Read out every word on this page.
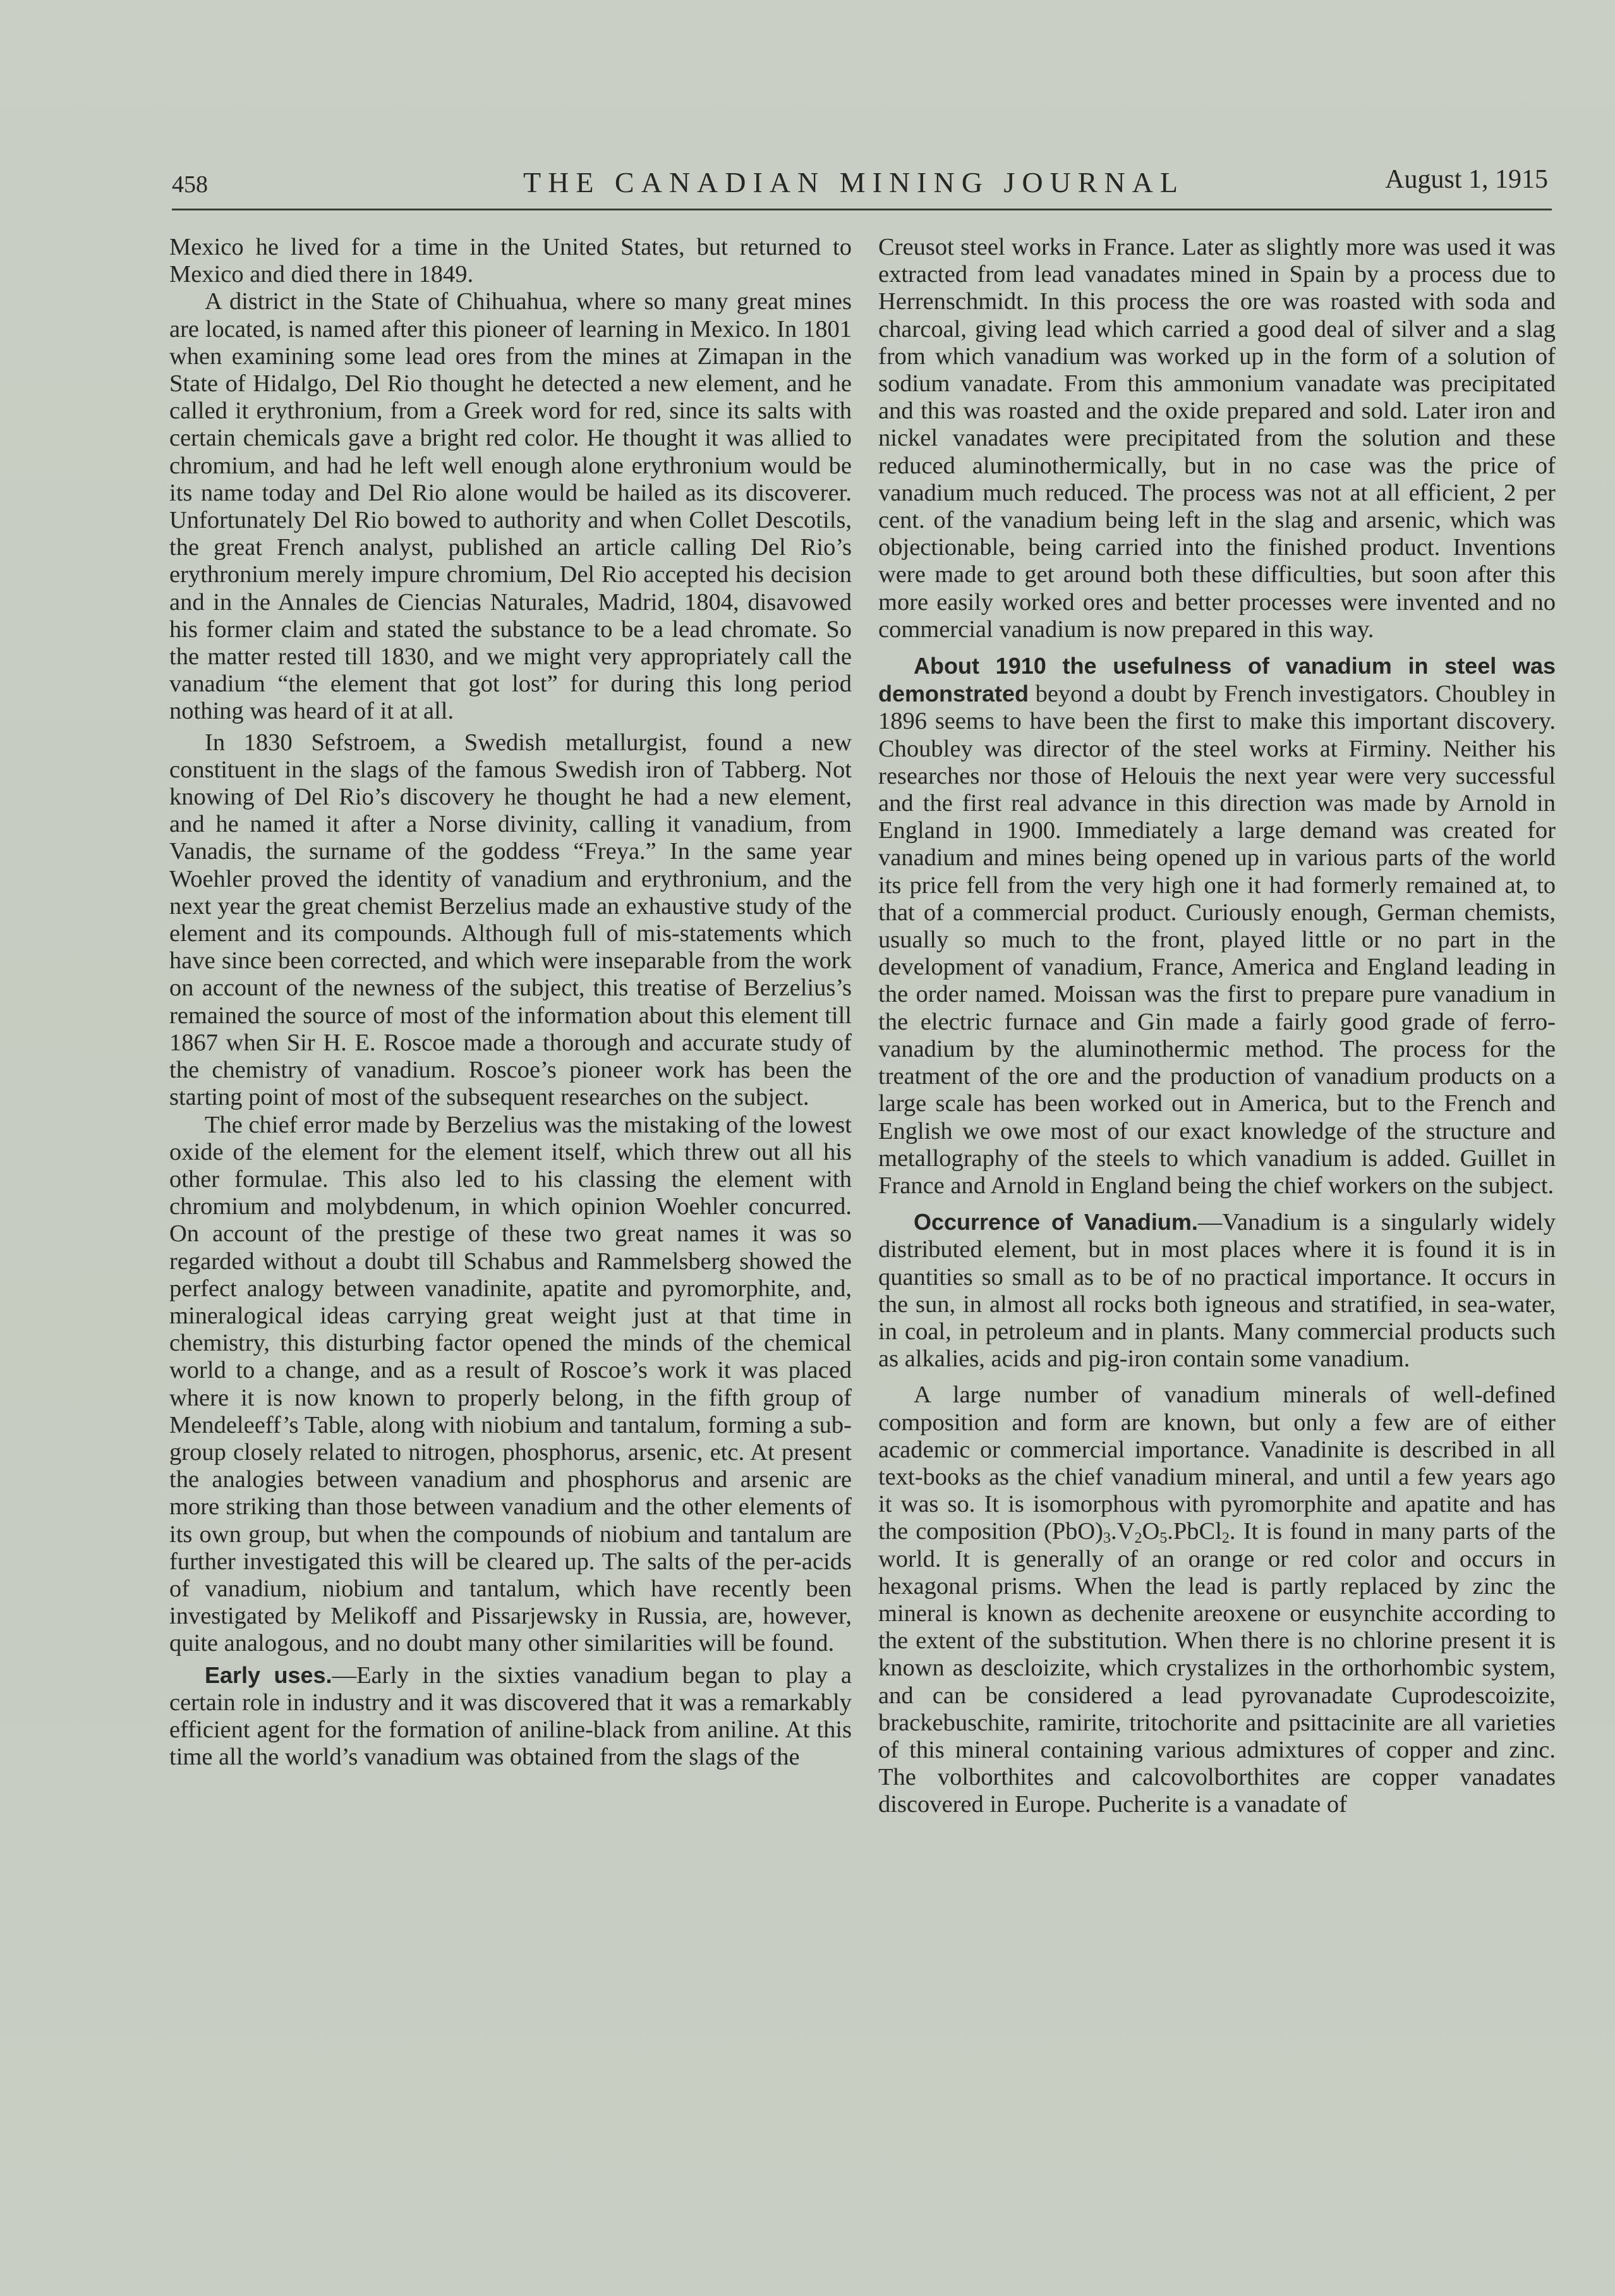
458	THE CANADIAN MINING JOURNAL	August 1, 1915

Mexico he lived for a time in the United States, but returned to Mexico and died there in 1849.

A district in the State of Chihuahua, where so many great mines are located, is named after this pioneer of learning in Mexico. In 1801 when examining some lead ores from the mines at Zimapan in the State of Hidalgo, Del Rio thought he detected a new element, and he called it erythronium, from a Greek word for red, since its salts with certain chemicals gave a bright red color. He thought it was allied to chromium, and had he left well enough alone erythronium would be its name today and Del Rio alone would be hailed as its discoverer. Unfortunately Del Rio bowed to authority and when Collet Descotils, the great French analyst, published an article calling Del Rio’s erythronium merely impure chromium, Del Rio accepted his decision and in the Annales de Ciencias Naturales, Madrid, 1804, disavowed his former claim and stated the substance to be a lead chromate. So the matter rested till 1830, and we might very appropriately call the vanadium “the element that got lost” for during this long period nothing was heard of it at all.

In 1830 Sefstroem, a Swedish metallurgist, found a new constituent in the slags of the famous Swedish iron of Tabberg. Not knowing of Del Rio’s discovery he thought he had a new element, and he named it after a Norse divinity, calling it vanadium, from Vanadis, the surname of the goddess “Freya.” In the same year Woehler proved the identity of vanadium and erythronium, and the next year the great chemist Berzelius made an exhaustive study of the element and its compounds. Although full of mis-statements which have since been corrected, and which were inseparable from the work on account of the newness of the subject, this treatise of Berzelius’s remained the source of most of the information about this element till 1867 when Sir H. E. Roscoe made a thorough and accurate study of the chemistry of vanadium. Roscoe’s pioneer work has been the starting point of most of the subsequent researches on the subject.

The chief error made by Berzelius was the mistaking of the lowest oxide of the element for the element itself, which threw out all his other formulae. This also led to his classing the element with chromium and molybdenum, in which opinion Woehler concurred. On account of the prestige of these two great names it was so regarded without a doubt till Schabus and Rammelsberg showed the perfect analogy between vanadinite, apatite and pyromorphite, and, mineralogical ideas carrying great weight just at that time in chemistry, this disturbing factor opened the minds of the chemical world to a change, and as a result of Roscoe’s work it was placed where it is now known to properly belong, in the fifth group of Mendeleeff’s Table, along with niobium and tantalum, forming a sub-group closely related to nitrogen, phosphorus, arsenic, etc. At present the analogies between vanadium and phosphorus and arsenic are more striking than those between vanadium and the other elements of its own group, but when the compounds of niobium and tantalum are further investigated this will be cleared up. The salts of the per-acids of vanadium, niobium and tantalum, which have recently been investigated by Melikoff and Pissarjewsky in Russia, are, however, quite analogous, and no doubt many other similarities will be found.

Early uses.—Early in the sixties vanadium began to play a certain role in industry and it was discovered that it was a remarkably efficient agent for the formation of aniline-black from aniline. At this time all the world’s vanadium was obtained from the slags of the

Creusot steel works in France. Later as slightly more was used it was extracted from lead vanadates mined in Spain by a process due to Herrenschmidt. In this process the ore was roasted with soda and charcoal, giving lead which carried a good deal of silver and a slag from which vanadium was worked up in the form of a solution of sodium vanadate. From this ammonium vanadate was precipitated and this was roasted and the oxide prepared and sold. Later iron and nickel vanadates were precipitated from the solution and these reduced aluminothermically, but in no case was the price of vanadium much reduced. The process was not at all efficient, 2 per cent. of the vanadium being left in the slag and arsenic, which was objectionable, being carried into the finished product. Inventions were made to get around both these difficulties, but soon after this more easily worked ores and better processes were invented and no commercial vanadium is now prepared in this way.

About 1910 the usefulness of vanadium in steel was demonstrated beyond a doubt by French investigators. Choubley in 1896 seems to have been the first to make this important discovery. Choubley was director of the steel works at Firminy. Neither his researches nor those of Helouis the next year were very successful and the first real advance in this direction was made by Arnold in England in 1900. Immediately a large demand was created for vanadium and mines being opened up in various parts of the world its price fell from the very high one it had formerly remained at, to that of a commercial product. Curiously enough, German chemists, usually so much to the front, played little or no part in the development of vanadium, France, America and England leading in the order named. Moissan was the first to prepare pure vanadium in the electric furnace and Gin made a fairly good grade of ferro-vanadium by the aluminothermic method. The process for the treatment of the ore and the production of vanadium products on a large scale has been worked out in America, but to the French and English we owe most of our exact knowledge of the structure and metallography of the steels to which vanadium is added. Guillet in France and Arnold in England being the chief workers on the subject.

Occurrence of Vanadium.—Vanadium is a singularly widely distributed element, but in most places where it is found it is in quantities so small as to be of no practical importance. It occurs in the sun, in almost all rocks both igneous and stratified, in sea-water, in coal, in petroleum and in plants. Many commercial products such as alkalies, acids and pig-iron contain some vanadium.

A large number of vanadium minerals of well-defined composition and form are known, but only a few are of either academic or commercial importance. Vanadinite is described in all text-books as the chief vanadium mineral, and until a few years ago it was so. It is isomorphous with pyromorphite and apatite and has the composition $(PbO)_3.V_2O_5.PbCl_2$. It is found in many parts of the world. It is generally of an orange or red color and occurs in hexagonal prisms. When the lead is partly replaced by zinc the mineral is known as dechenite areoxene or eusynchite according to the extent of the substitution. When there is no chlorine present it is known as descloizite, which crystalizes in the orthorhombic system, and can be considered a lead pyrovanadate Cuprodescoizite, brackebuschite, ramirite, tritochorite and psittacinite are all varieties of this mineral containing various admixtures of copper and zinc. The volborthites and calcovolborthites are copper vanadates discovered in Europe. Pucherite is a vanadate of
